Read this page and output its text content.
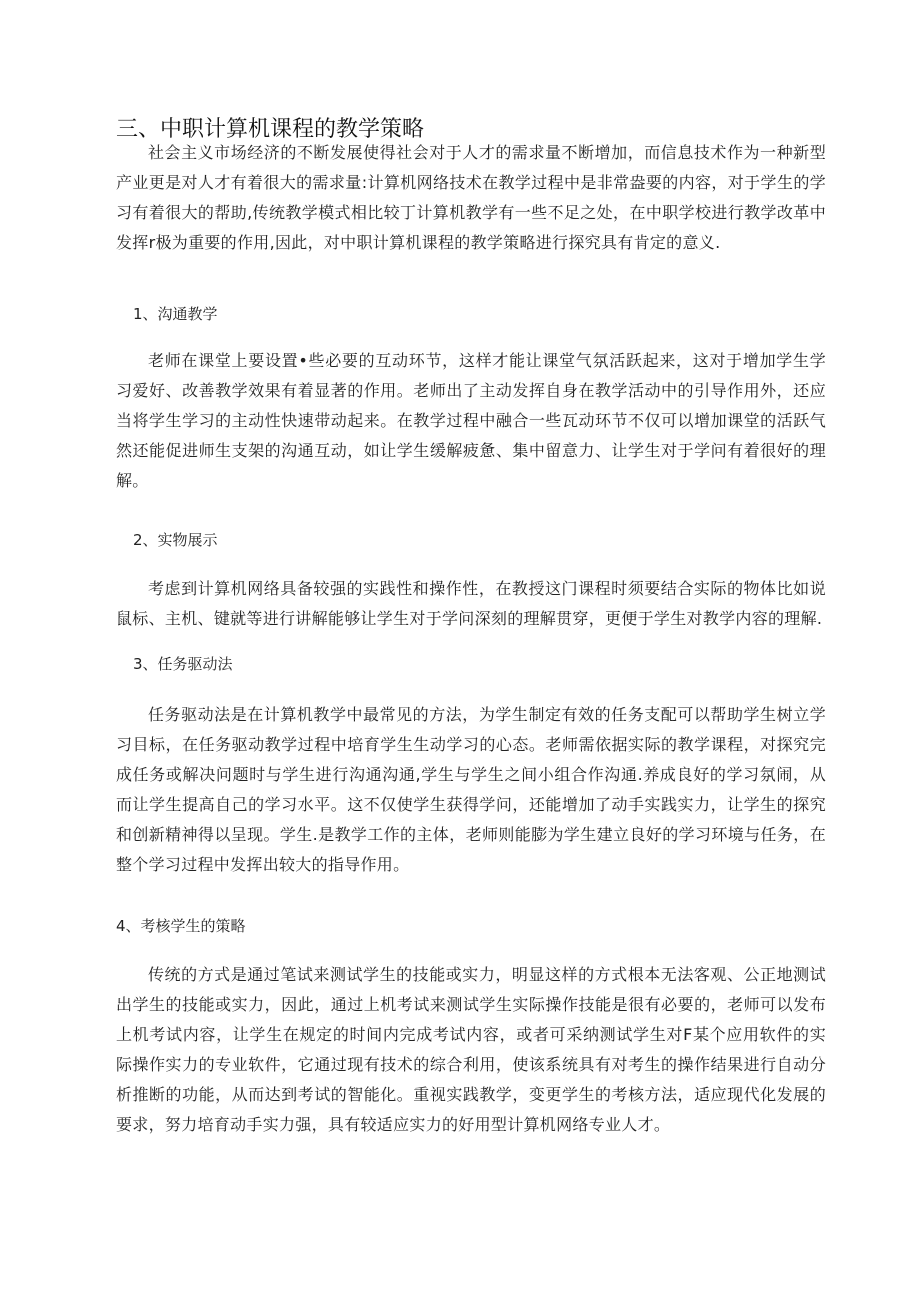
三、中职计算机课程的教学策略

社会主义市场经济的不断发展使得社会对于人才的需求量不断增加，而信息技术作为一种新型产业更是对人才有着很大的需求量:计算机网络技术在教学过程中是非常盎要的内容，对于学生的学习有着很大的帮助,传统教学模式相比较丁计算机教学有一些不足之处，在中职学校进行教学改革中发挥r极为重要的作用,因此，对中职计算机课程的教学策略进行探究具有肯定的意义.

1、沟通教学

老师在课堂上要设置•些必要的互动环节，这样才能让课堂气氛活跃起来，这对于增加学生学习爱好、改善教学效果有着显著的作用。老师出了主动发挥自身在教学活动中的引导作用外，还应当将学生学习的主动性快速带动起来。在教学过程中融合一些瓦动环节不仅可以增加课堂的活跃气然还能促进师生支架的沟通互动，如让学生缓解疲惫、集中留意力、让学生对于学问有着很好的理解。

2、实物展示

考虑到计算机网络具备较强的实践性和操作性，在教授这门课程时须要结合实际的物体比如说鼠标、主机、键就等进行讲解能够让学生对于学问深刻的理解贯穿，更便于学生对教学内容的理解.

3、任务驱动法

任务驱动法是在计算机教学中最常见的方法，为学生制定有效的任务支配可以帮助学生树立学习目标，在任务驱动教学过程中培育学生生动学习的心态。老师需依据实际的教学课程，对探究完成任务或解决问题时与学生进行沟通沟通,学生与学生之间小组合作沟通.养成良好的学习氛闹，从而让学生提高自己的学习水平。这不仅使学生获得学问，还能增加了动手实践实力，让学生的探究和创新精神得以呈现。学生.是教学工作的主体，老师则能膨为学生建立良好的学习环境与任务，在整个学习过程中发挥出较大的指导作用。

4、考核学生的策略

传统的方式是通过笔试来测试学生的技能或实力，明显这样的方式根本无法客观、公正地测试出学生的技能或实力，因此，通过上机考试来测试学生实际操作技能是很有必要的，老师可以发布上机考试内容，让学生在规定的时间内完成考试内容，或者可采纳测试学生对F某个应用软件的实际操作实力的专业软件，它通过现有技术的综合利用，使该系统具有对考生的操作结果进行自动分析推断的功能，从而达到考试的智能化。重视实践教学，变更学生的考核方法，适应现代化发展的要求，努力培育动手实力强，具有较适应实力的好用型计算机网络专业人才。
